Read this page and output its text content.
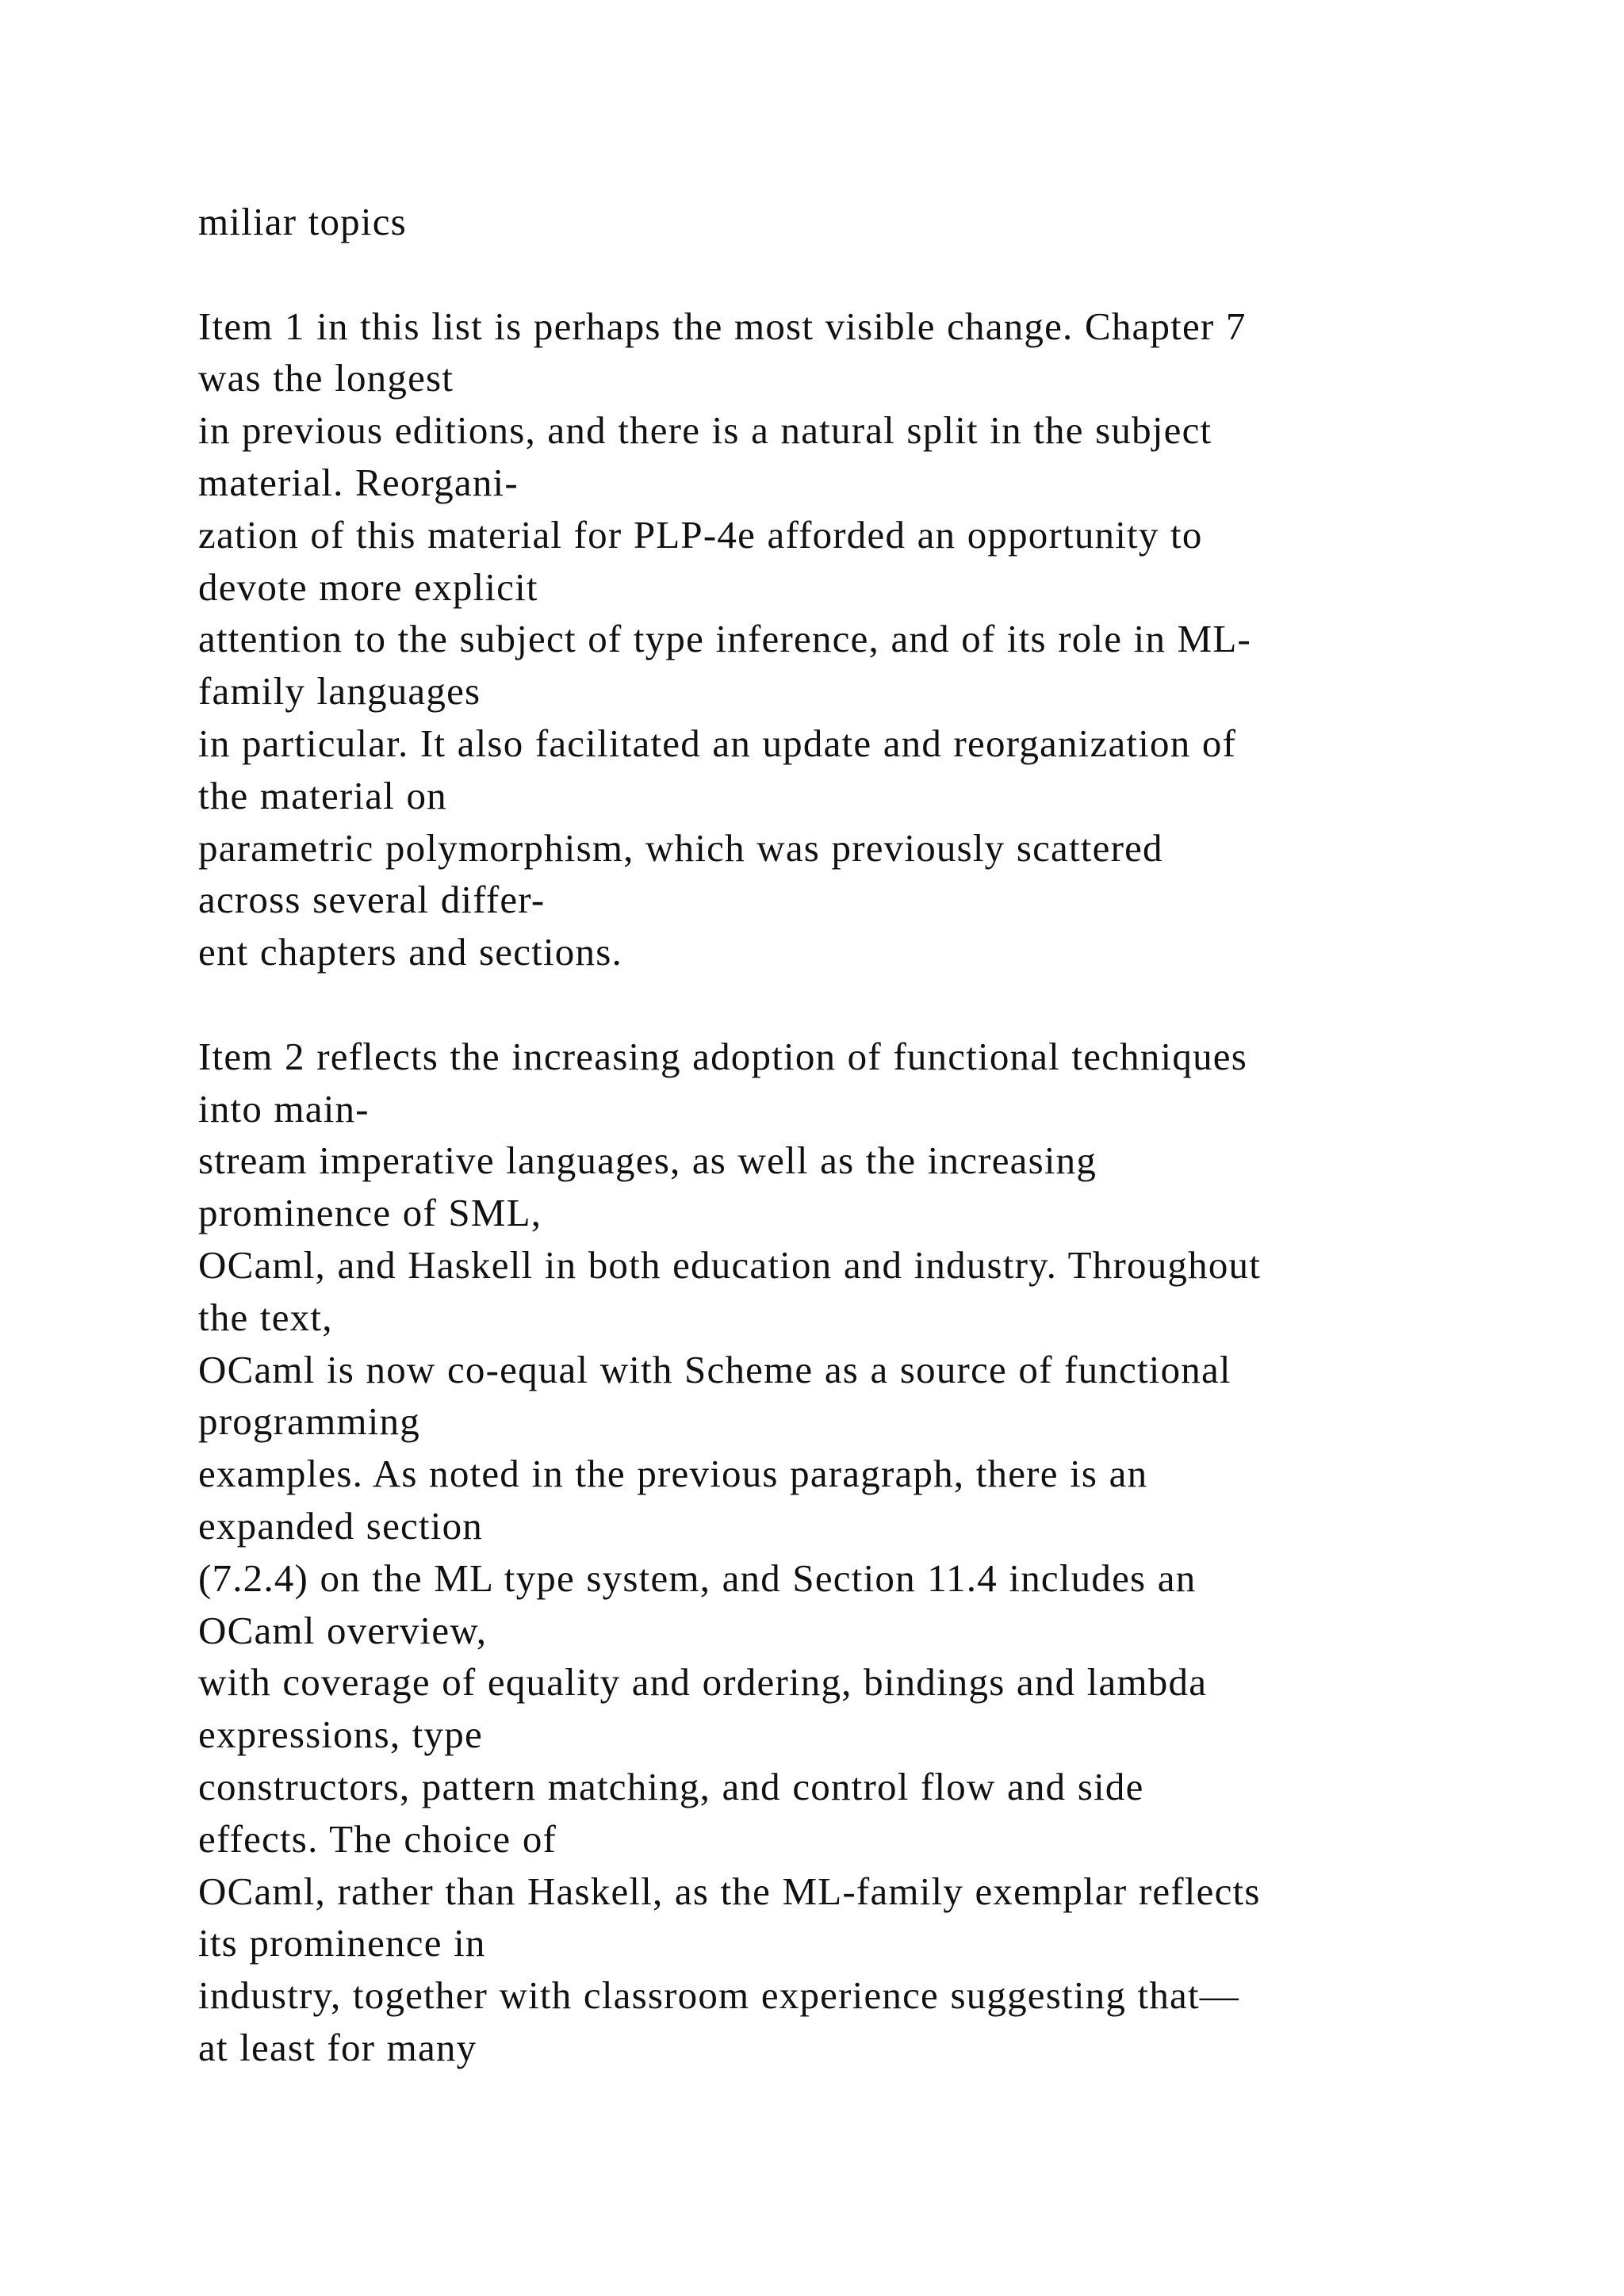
miliar topics
Item 1 in this list is perhaps the most visible change. Chapter 7
was the longest
in previous editions, and there is a natural split in the subject
material. Reorgani-
zation of this material for PLP-4e afforded an opportunity to
devote more explicit
attention to the subject of type inference, and of its role in ML-
family languages
in particular. It also facilitated an update and reorganization of
the material on
parametric polymorphism, which was previously scattered
across several differ-
ent chapters and sections.
Item 2 reflects the increasing adoption of functional techniques
into main-
stream imperative languages, as well as the increasing
prominence of SML,
OCaml, and Haskell in both education and industry. Throughout
the text,
OCaml is now co-equal with Scheme as a source of functional
programming
examples. As noted in the previous paragraph, there is an
expanded section
(7.2.4) on the ML type system, and Section 11.4 includes an
OCaml overview,
with coverage of equality and ordering, bindings and lambda
expressions, type
constructors, pattern matching, and control flow and side
effects. The choice of
OCaml, rather than Haskell, as the ML-family exemplar reflects
its prominence in
industry, together with classroom experience suggesting that—
at least for many
